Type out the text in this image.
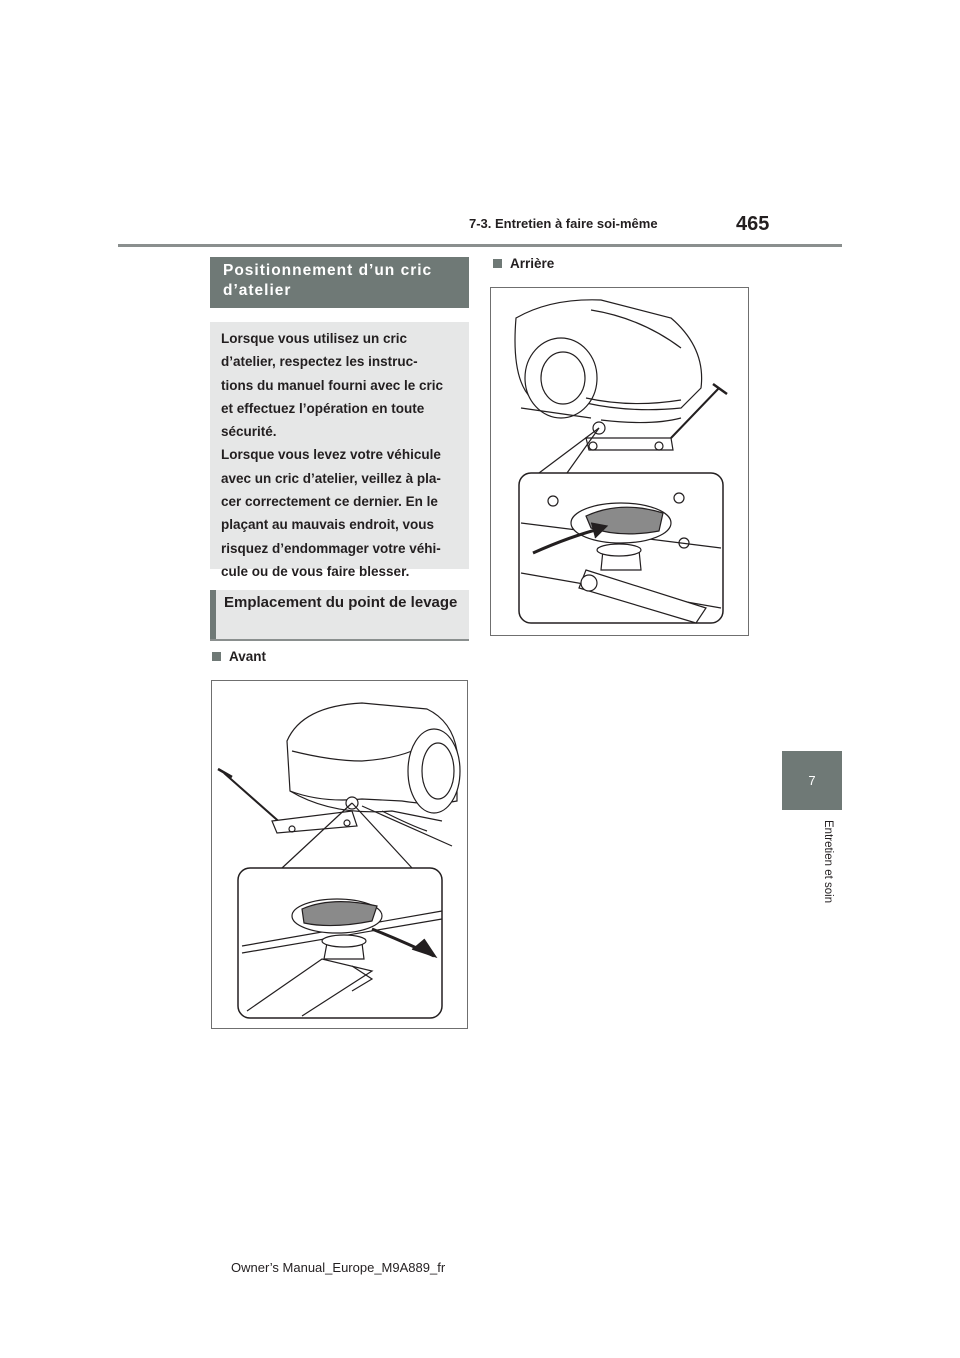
7-3. Entretien à faire soi-même	465
7
Entretien et soin
Positionnement d’un cric d’atelier
Lorsque vous utilisez un cric
d’atelier, respectez les instruc-
tions du manuel fourni avec le cric
et effectuez l’opération en toute
sécurité.
Lorsque vous levez votre véhicule
avec un cric d’atelier, veillez à pla-
cer correctement ce dernier. En le
plaçant au mauvais endroit, vous
risquez d’endommager votre véhi-
cule ou de vous faire blesser.
Emplacement du point de levage
Avant
Arrière
Owner’s Manual_Europe_M9A889_fr
